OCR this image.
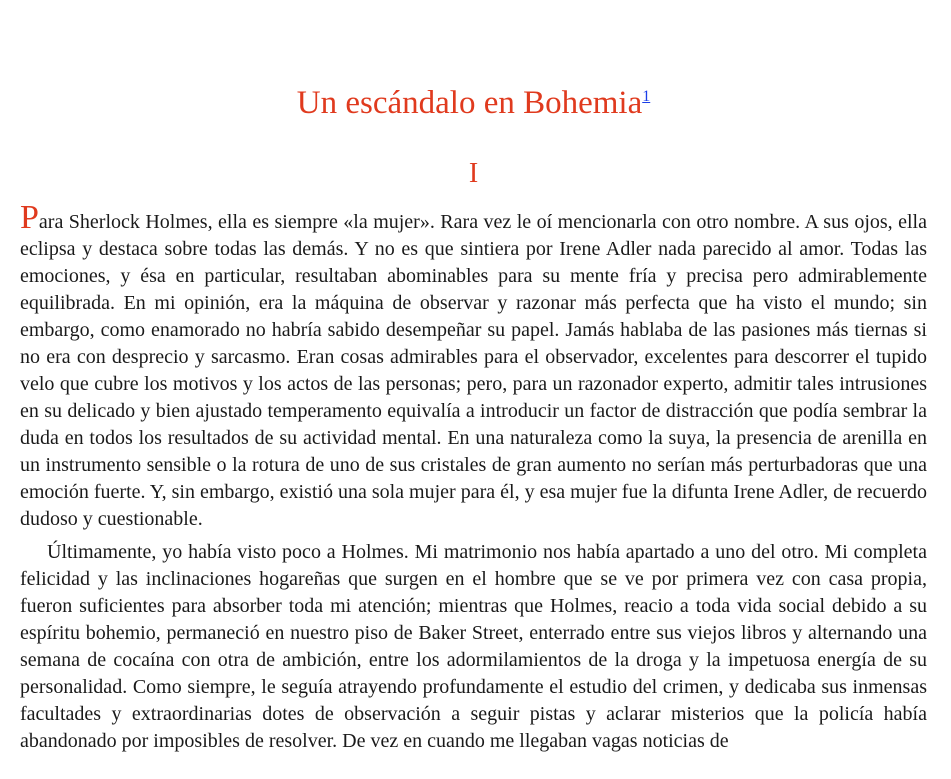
Un escándalo en Bohemia$^1$
I

Para Sherlock Holmes, ella es siempre «la mujer». Rara vez le oí mencionarla con otro nombre. A sus ojos, ella eclipsa y destaca sobre todas las demás. Y no es que sintiera por Irene Adler nada parecido al amor. Todas las emociones, y ésa en particular, resultaban abominables para su mente fría y precisa pero admirablemente equilibrada. En mi opinión, era la máquina de observar y razonar más perfecta que ha visto el mundo; sin embargo, como enamorado no habría sabido desempeñar su papel. Jamás hablaba de las pasiones más tiernas si no era con desprecio y sarcasmo. Eran cosas admirables para el observador, excelentes para descorrer el tupido velo que cubre los motivos y los actos de las personas; pero, para un razonador experto, admitir tales intrusiones en su delicado y bien ajustado temperamento equivalía a introducir un factor de distracción que podía sembrar la duda en todos los resultados de su actividad mental. En una naturaleza como la suya, la presencia de arenilla en un instrumento sensible o la rotura de uno de sus cristales de gran aumento no serían más perturbadoras que una emoción fuerte. Y, sin embargo, existió una sola mujer para él, y esa mujer fue la difunta Irene Adler, de recuerdo dudoso y cuestionable.

Últimamente, yo había visto poco a Holmes. Mi matrimonio nos había apartado a uno del otro. Mi completa felicidad y las inclinaciones hogareñas que surgen en el hombre que se ve por primera vez con casa propia, fueron suficientes para absorber toda mi atención; mientras que Holmes, reacio a toda vida social debido a su espíritu bohemio, permaneció en nuestro piso de Baker Street, enterrado entre sus viejos libros y alternando una semana de cocaína con otra de ambición, entre los adormilamientos de la droga y la impetuosa energía de su personalidad. Como siempre, le seguía atrayendo profundamente el estudio del crimen, y dedicaba sus inmensas facultades y extraordinarias dotes de observación a seguir pistas y aclarar misterios que la policía había abandonado por imposibles de resolver. De vez en cuando me llegaban vagas noticias de
